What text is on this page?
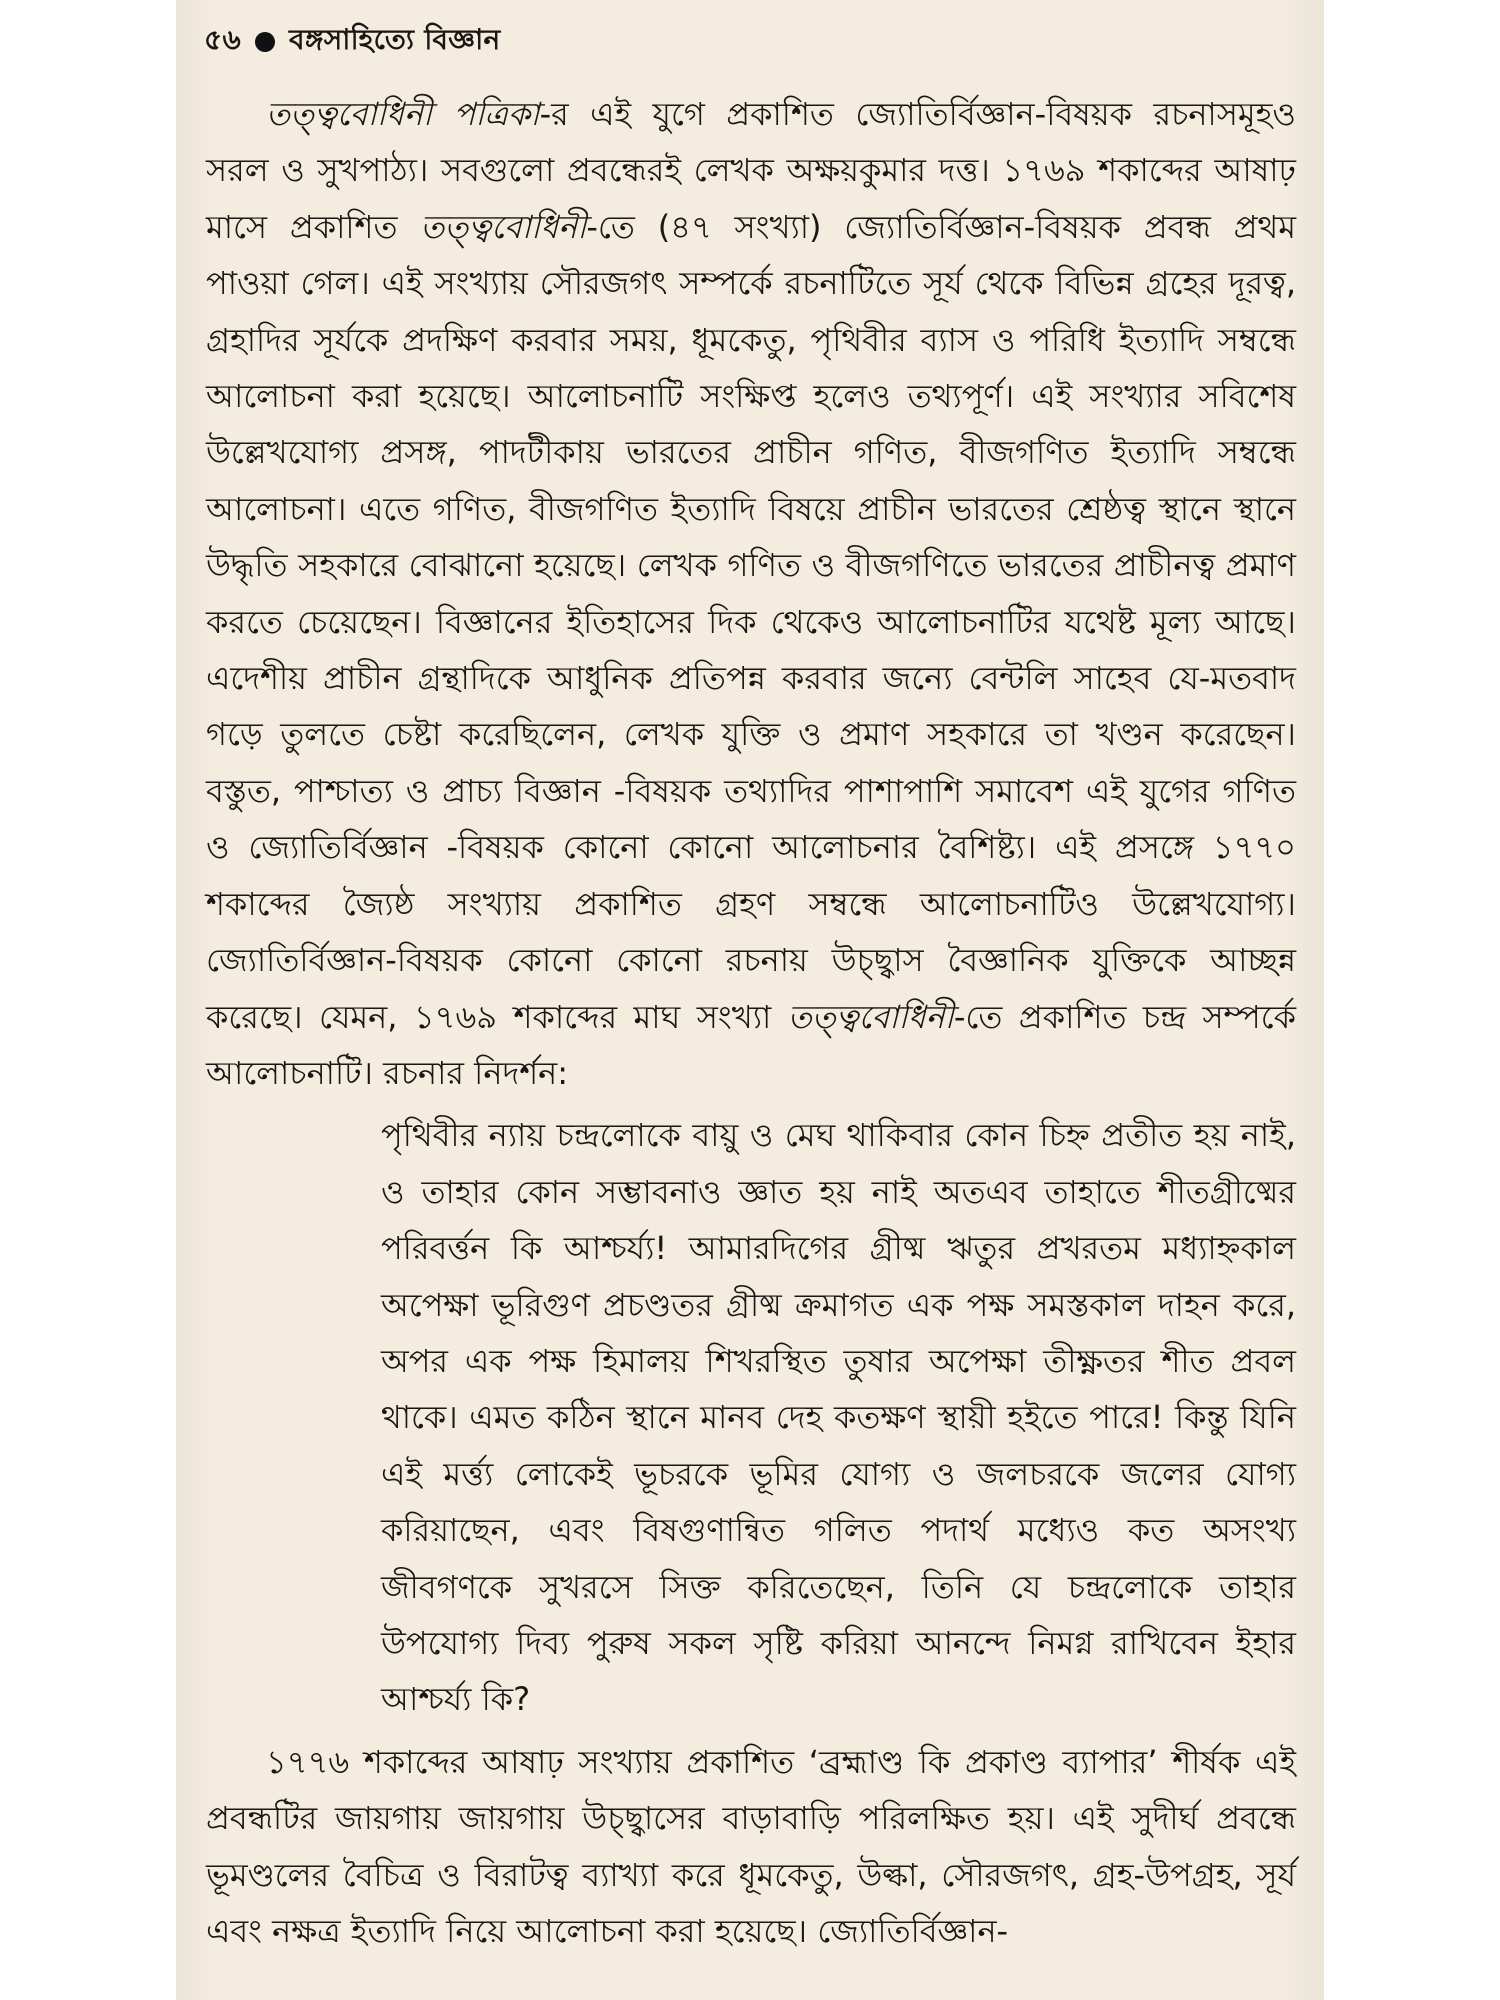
৫৬ বঙ্গসাহিত্যে বিজ্ঞান

তত্ত্ববোধিনী পত্রিকা-র এই যুগে প্রকাশিত জ্যোতির্বিজ্ঞান-বিষয়ক রচনাসমূহও সরল ও সুখপাঠ্য। সবগুলো প্রবন্ধেরই লেখক অক্ষয়কুমার দত্ত। ১৭৬৯ শকাব্দের আষাঢ় মাসে প্রকাশিত তত্ত্ববোধিনী-তে (৪৭ সংখ্যা) জ্যোতির্বিজ্ঞান-বিষয়ক প্রবন্ধ প্রথম পাওয়া গেল। এই সংখ্যায় সৌরজগৎ সম্পর্কে রচনাটিতে সূর্য থেকে বিভিন্ন গ্রহের দূরত্ব, গ্রহাদির সূর্যকে প্রদক্ষিণ করবার সময়, ধূমকেতু, পৃথিবীর ব্যাস ও পরিধি ইত্যাদি সম্বন্ধে আলোচনা করা হয়েছে। আলোচনাটি সংক্ষিপ্ত হলেও তথ্যপূর্ণ। এই সংখ্যার সবিশেষ উল্লেখযোগ্য প্রসঙ্গ, পাদটীকায় ভারতের প্রাচীন গণিত, বীজগণিত ইত্যাদি সম্বন্ধে আলোচনা। এতে গণিত, বীজগণিত ইত্যাদি বিষয়ে প্রাচীন ভারতের শ্রেষ্ঠত্ব স্থানে স্থানে উদ্ধৃতি সহকারে বোঝানো হয়েছে। লেখক গণিত ও বীজগণিতে ভারতের প্রাচীনত্ব প্রমাণ করতে চেয়েছেন। বিজ্ঞানের ইতিহাসের দিক থেকেও আলোচনাটির যথেষ্ট মূল্য আছে। এদেশীয় প্রাচীন গ্রন্থাদিকে আধুনিক প্রতিপন্ন করবার জন্যে বেন্টলি সাহেব যে-মতবাদ গড়ে তুলতে চেষ্টা করেছিলেন, লেখক যুক্তি ও প্রমাণ সহকারে তা খণ্ডন করেছেন। বস্তুত, পাশ্চাত্য ও প্রাচ্য বিজ্ঞান -বিষয়ক তথ্যাদির পাশাপাশি সমাবেশ এই যুগের গণিত ও জ্যোতির্বিজ্ঞান -বিষয়ক কোনো কোনো আলোচনার বৈশিষ্ট্য। এই প্রসঙ্গে ১৭৭০ শকাব্দের জ্যৈষ্ঠ সংখ্যায় প্রকাশিত গ্রহণ সম্বন্ধে আলোচনাটিও উল্লেখযোগ্য। জ্যোতির্বিজ্ঞান-বিষয়ক কোনো কোনো রচনায় উচ্ছ্বাস বৈজ্ঞানিক যুক্তিকে আচ্ছন্ন করেছে। যেমন, ১৭৬৯ শকাব্দের মাঘ সংখ্যা তত্ত্ববোধিনী-তে প্রকাশিত চন্দ্র সম্পর্কে আলোচনাটি। রচনার নিদর্শন:

পৃথিবীর ন্যায় চন্দ্রলোকে বায়ু ও মেঘ থাকিবার কোন চিহ্ন প্রতীত হয় নাই, ও তাহার কোন সম্ভাবনাও জ্ঞাত হয় নাই অতএব তাহাতে শীতগ্রীষ্মের পরিবর্ত্তন কি আশ্চর্য্য! আমারদিগের গ্রীষ্ম ঋতুর প্রখরতম মধ্যাহ্নকাল অপেক্ষা ভূরিগুণ প্রচণ্ডতর গ্রীষ্ম ক্রমাগত এক পক্ষ সমস্তকাল দাহন করে, অপর এক পক্ষ হিমালয় শিখরস্থিত তুষার অপেক্ষা তীক্ষ্ণতর শীত প্রবল থাকে। এমত কঠিন স্থানে মানব দেহ কতক্ষণ স্থায়ী হইতে পারে! কিন্তু যিনি এই মর্ত্ত্য লোকেই ভূচরকে ভূমির যোগ্য ও জলচরকে জলের যোগ্য করিয়াছেন, এবং বিষগুণান্বিত গলিত পদার্থ মধ্যেও কত অসংখ্য জীবগণকে সুখরসে সিক্ত করিতেছেন, তিনি যে চন্দ্রলোকে তাহার উপযোগ্য দিব্য পুরুষ সকল সৃষ্টি করিয়া আনন্দে নিমগ্ন রাখিবেন ইহার আশ্চর্য্য কি?

১৭৭৬ শকাব্দের আষাঢ় সংখ্যায় প্রকাশিত ‘ব্রহ্মাণ্ড কি প্রকাণ্ড ব্যাপার’ শীর্ষক এই প্রবন্ধটির জায়গায় জায়গায় উচ্ছ্বাসের বাড়াবাড়ি পরিলক্ষিত হয়। এই সুদীর্ঘ প্রবন্ধে ভূমণ্ডলের বৈচিত্র ও বিরাটত্ব ব্যাখ্যা করে ধূমকেতু, উল্কা, সৌরজগৎ, গ্রহ-উপগ্রহ, সূর্য এবং নক্ষত্র ইত্যাদি নিয়ে আলোচনা করা হয়েছে। জ্যোতির্বিজ্ঞান-
